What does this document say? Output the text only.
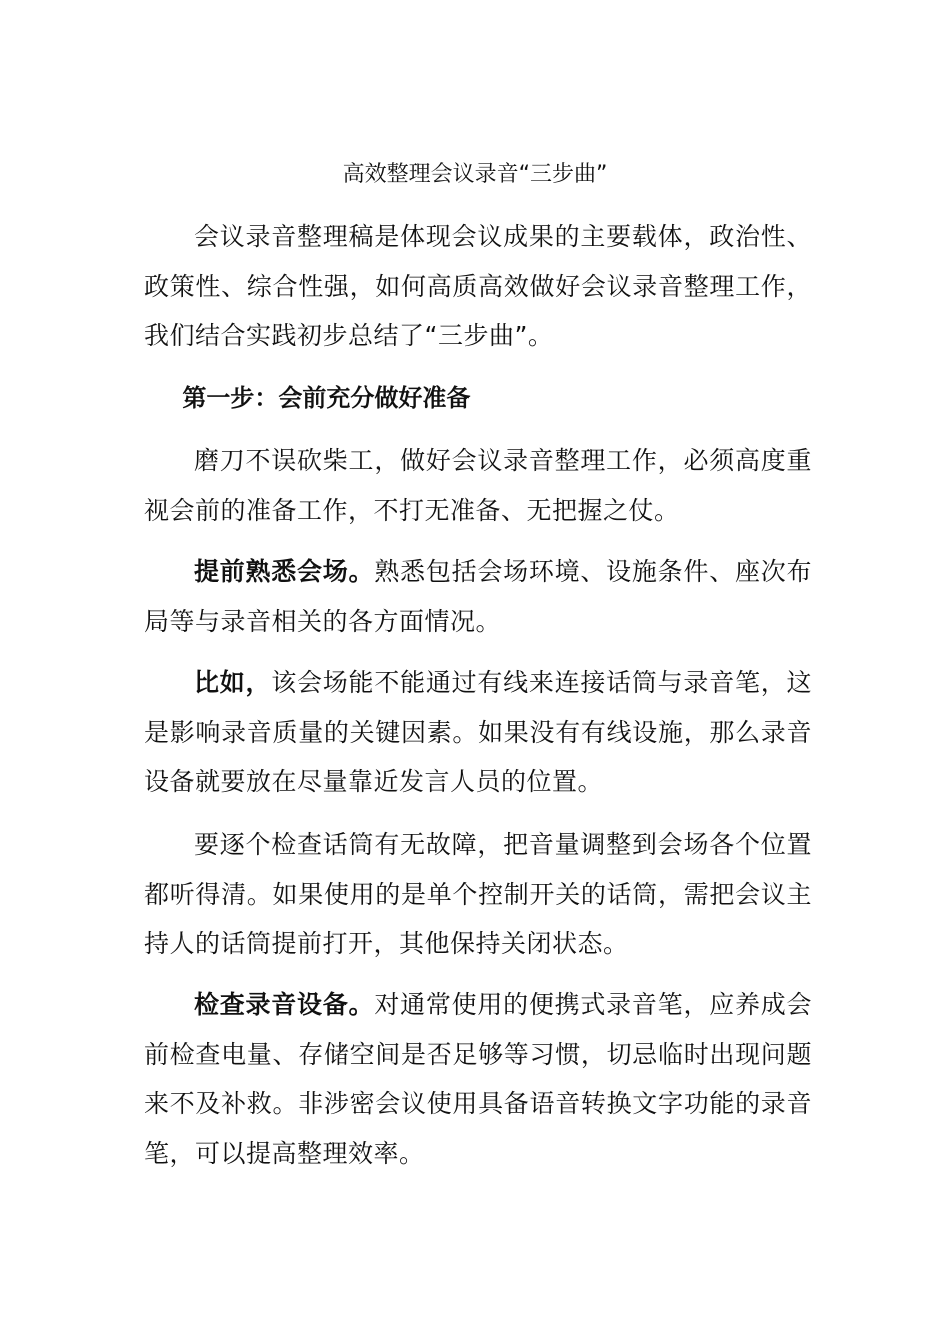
高效整理会议录音“三步曲”

会议录音整理稿是体现会议成果的主要载体，政治性、政策性、综合性强，如何高质高效做好会议录音整理工作，我们结合实践初步总结了“三步曲”。

第一步：会前充分做好准备

磨刀不误砍柴工，做好会议录音整理工作，必须高度重视会前的准备工作，不打无准备、无把握之仗。

提前熟悉会场。熟悉包括会场环境、设施条件、座次布局等与录音相关的各方面情况。

比如，该会场能不能通过有线来连接话筒与录音笔，这是影响录音质量的关键因素。如果没有有线设施，那么录音设备就要放在尽量靠近发言人员的位置。

要逐个检查话筒有无故障，把音量调整到会场各个位置都听得清。如果使用的是单个控制开关的话筒，需把会议主持人的话筒提前打开，其他保持关闭状态。

检查录音设备。对通常使用的便携式录音笔，应养成会前检查电量、存储空间是否足够等习惯，切忌临时出现问题来不及补救。非涉密会议使用具备语音转换文字功能的录音笔，可以提高整理效率。
